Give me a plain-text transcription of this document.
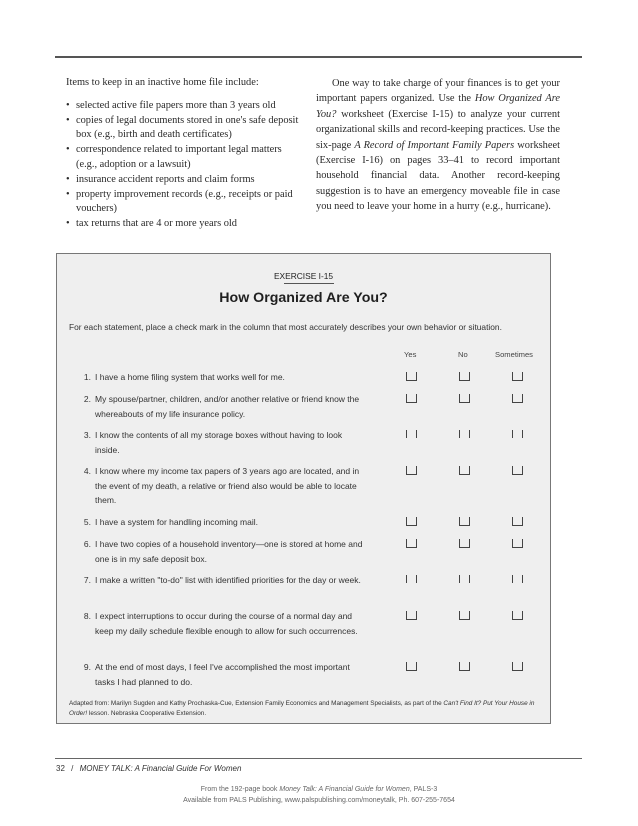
Items to keep in an inactive home file include:

• selected active file papers more than 3 years old
• copies of legal documents stored in one's safe deposit box (e.g., birth and death certificates)
• correspondence related to important legal matters (e.g., adoption or a lawsuit)
• insurance accident reports and claim forms
• property improvement records (e.g., receipts or paid vouchers)
• tax returns that are 4 or more years old

One way to take charge of your finances is to get your important papers organized. Use the How Organized Are You? worksheet (Exercise I-15) to analyze your current organizational skills and record-keeping practices. Use the six-page A Record of Important Family Papers worksheet (Exercise I-16) on pages 33–41 to record important household financial data. Another record-keeping suggestion is to have an emergency moveable file in case you need to leave your home in a hurry (e.g., hurricane).

EXERCISE I-15
How Organized Are You?

For each statement, place a check mark in the column that most accurately describes your own behavior or situation.

Yes	No	Sometimes
1. I have a home filing system that works well for me.
2. My spouse/partner, children, and/or another relative or friend know the whereabouts of my life insurance policy.
3. I know the contents of all my storage boxes without having to look inside.
4. I know where my income tax papers of 3 years ago are located, and in the event of my death, a relative or friend also would be able to locate them.
5. I have a system for handling incoming mail.
6. I have two copies of a household inventory—one is stored at home and one is in my safe deposit box.
7. I make a written "to-do" list with identified priorities for the day or week.
8. I expect interruptions to occur during the course of a normal day and keep my daily schedule flexible enough to allow for such occurrences.
9. At the end of most days, I feel I've accomplished the most important tasks I had planned to do.

Adapted from: Marilyn Sugden and Kathy Prochaska-Cue, Extension Family Economics and Management Specialists, as part of the Can't Find It? Put Your House in Order! lesson. Nebraska Cooperative Extension.

32 / MONEY TALK: A Financial Guide For Women
From the 192-page book Money Talk: A Financial Guide for Women, PALS-3
Available from PALS Publishing, www.palspublishing.com/moneytalk, Ph. 607-255-7654
